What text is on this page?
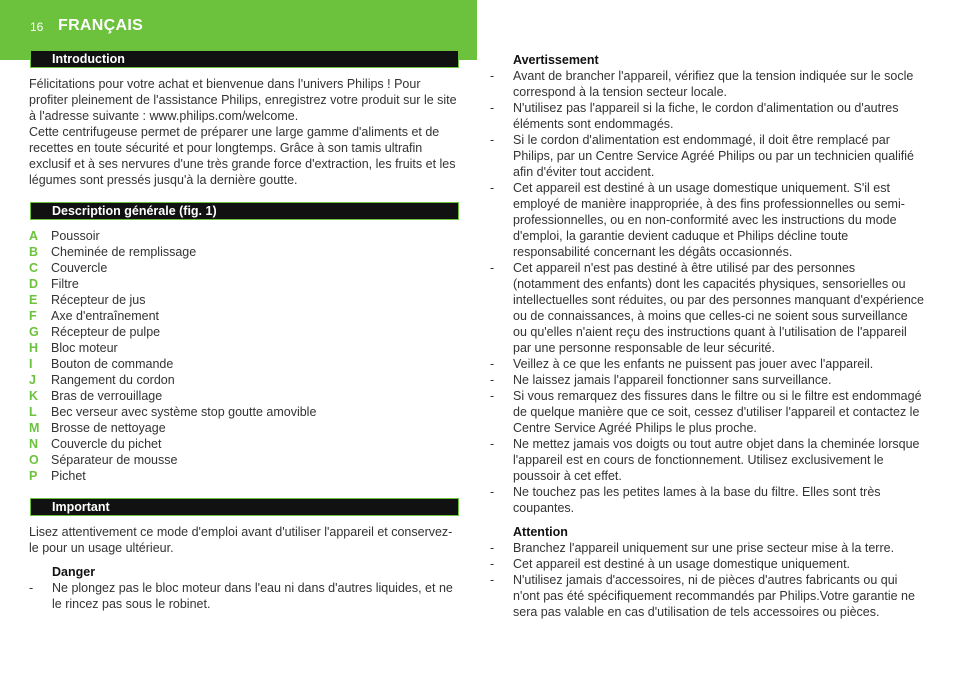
16 FRANÇAIS
Introduction
Félicitations pour votre achat et bienvenue dans l'univers Philips ! Pour profiter pleinement de l'assistance Philips, enregistrez votre produit sur le site à l'adresse suivante : www.philips.com/welcome.
Cette centrifugeuse permet de préparer une large gamme d'aliments et de recettes en toute sécurité et pour longtemps. Grâce à son tamis ultrafin exclusif et à ses nervures d'une très grande force d'extraction, les fruits et les légumes sont pressés jusqu'à la dernière goutte.
Description générale (fig. 1)
A Poussoir
B Cheminée de remplissage
C Couvercle
D Filtre
E Récepteur de jus
F Axe d'entraînement
G Récepteur de pulpe
H Bloc moteur
I Bouton de commande
J Rangement du cordon
K Bras de verrouillage
L Bec verseur avec système stop goutte amovible
M Brosse de nettoyage
N Couvercle du pichet
O Séparateur de mousse
P Pichet
Important
Lisez attentivement ce mode d'emploi avant d'utiliser l'appareil et conservez-le pour un usage ultérieur.
Danger
- Ne plongez pas le bloc moteur dans l'eau ni dans d'autres liquides, et ne le rincez pas sous le robinet.
Avertissement
- Avant de brancher l'appareil, vérifiez que la tension indiquée sur le socle correspond à la tension secteur locale.
- N'utilisez pas l'appareil si la fiche, le cordon d'alimentation ou d'autres éléments sont endommagés.
- Si le cordon d'alimentation est endommagé, il doit être remplacé par Philips, par un Centre Service Agréé Philips ou par un technicien qualifié afin d'éviter tout accident.
- Cet appareil est destiné à un usage domestique uniquement. S'il est employé de manière inappropriée, à des fins professionnelles ou semi-professionnelles, ou en non-conformité avec les instructions du mode d'emploi, la garantie devient caduque et Philips décline toute responsabilité concernant les dégâts occasionnés.
- Cet appareil n'est pas destiné à être utilisé par des personnes (notamment des enfants) dont les capacités physiques, sensorielles ou intellectuelles sont réduites, ou par des personnes manquant d'expérience ou de connaissances, à moins que celles-ci ne soient sous surveillance ou qu'elles n'aient reçu des instructions quant à l'utilisation de l'appareil par une personne responsable de leur sécurité.
- Veillez à ce que les enfants ne puissent pas jouer avec l'appareil.
- Ne laissez jamais l'appareil fonctionner sans surveillance.
- Si vous remarquez des fissures dans le filtre ou si le filtre est endommagé de quelque manière que ce soit, cessez d'utiliser l'appareil et contactez le Centre Service Agréé Philips le plus proche.
- Ne mettez jamais vos doigts ou tout autre objet dans la cheminée lorsque l'appareil est en cours de fonctionnement. Utilisez exclusivement le poussoir à cet effet.
- Ne touchez pas les petites lames à la base du filtre. Elles sont très coupantes.
Attention
- Branchez l'appareil uniquement sur une prise secteur mise à la terre.
- Cet appareil est destiné à un usage domestique uniquement.
- N'utilisez jamais d'accessoires, ni de pièces d'autres fabricants ou qui n'ont pas été spécifiquement recommandés par Philips.Votre garantie ne sera pas valable en cas d'utilisation de tels accessoires ou pièces.
